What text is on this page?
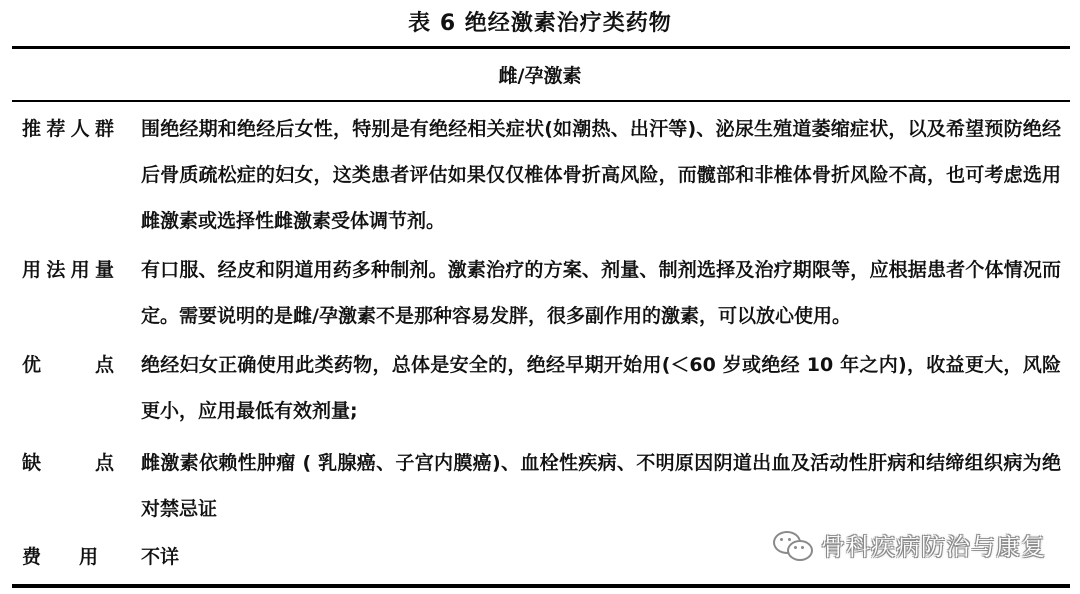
表 6 绝经激素治疗类药物
雌/孕激素
推 荐 人 群 围绝经期和绝经后女性，特别是有绝经相关症状(如潮热、出汗等)、泌尿生殖道萎缩症状，以及希望预防绝经后骨质疏松症的妇女，这类患者评估如果仅仅椎体骨折高风险，而髋部和非椎体骨折风险不高，也可考虑选用雌激素或选择性雌激素受体调节剂。
用 法 用 量 有口服、经皮和阴道用药多种制剂。激素治疗的方案、剂量、制剂选择及治疗期限等，应根据患者个体情况而定。需要说明的是雌/孕激素不是那种容易发胖，很多副作用的激素，可以放心使用。
优	点 绝经妇女正确使用此类药物，总体是安全的，绝经早期开始用(＜60 岁或绝经 10 年之内)，收益更大，风险更小，应用最低有效剂量;
缺	点 雌激素依赖性肿瘤 ( 乳腺癌、子宫内膜癌)、血栓性疾病、不明原因阴道出血及活动性肝病和结缔组织病为绝对禁忌证
费 用 不详	骨科疾病防治与康复
